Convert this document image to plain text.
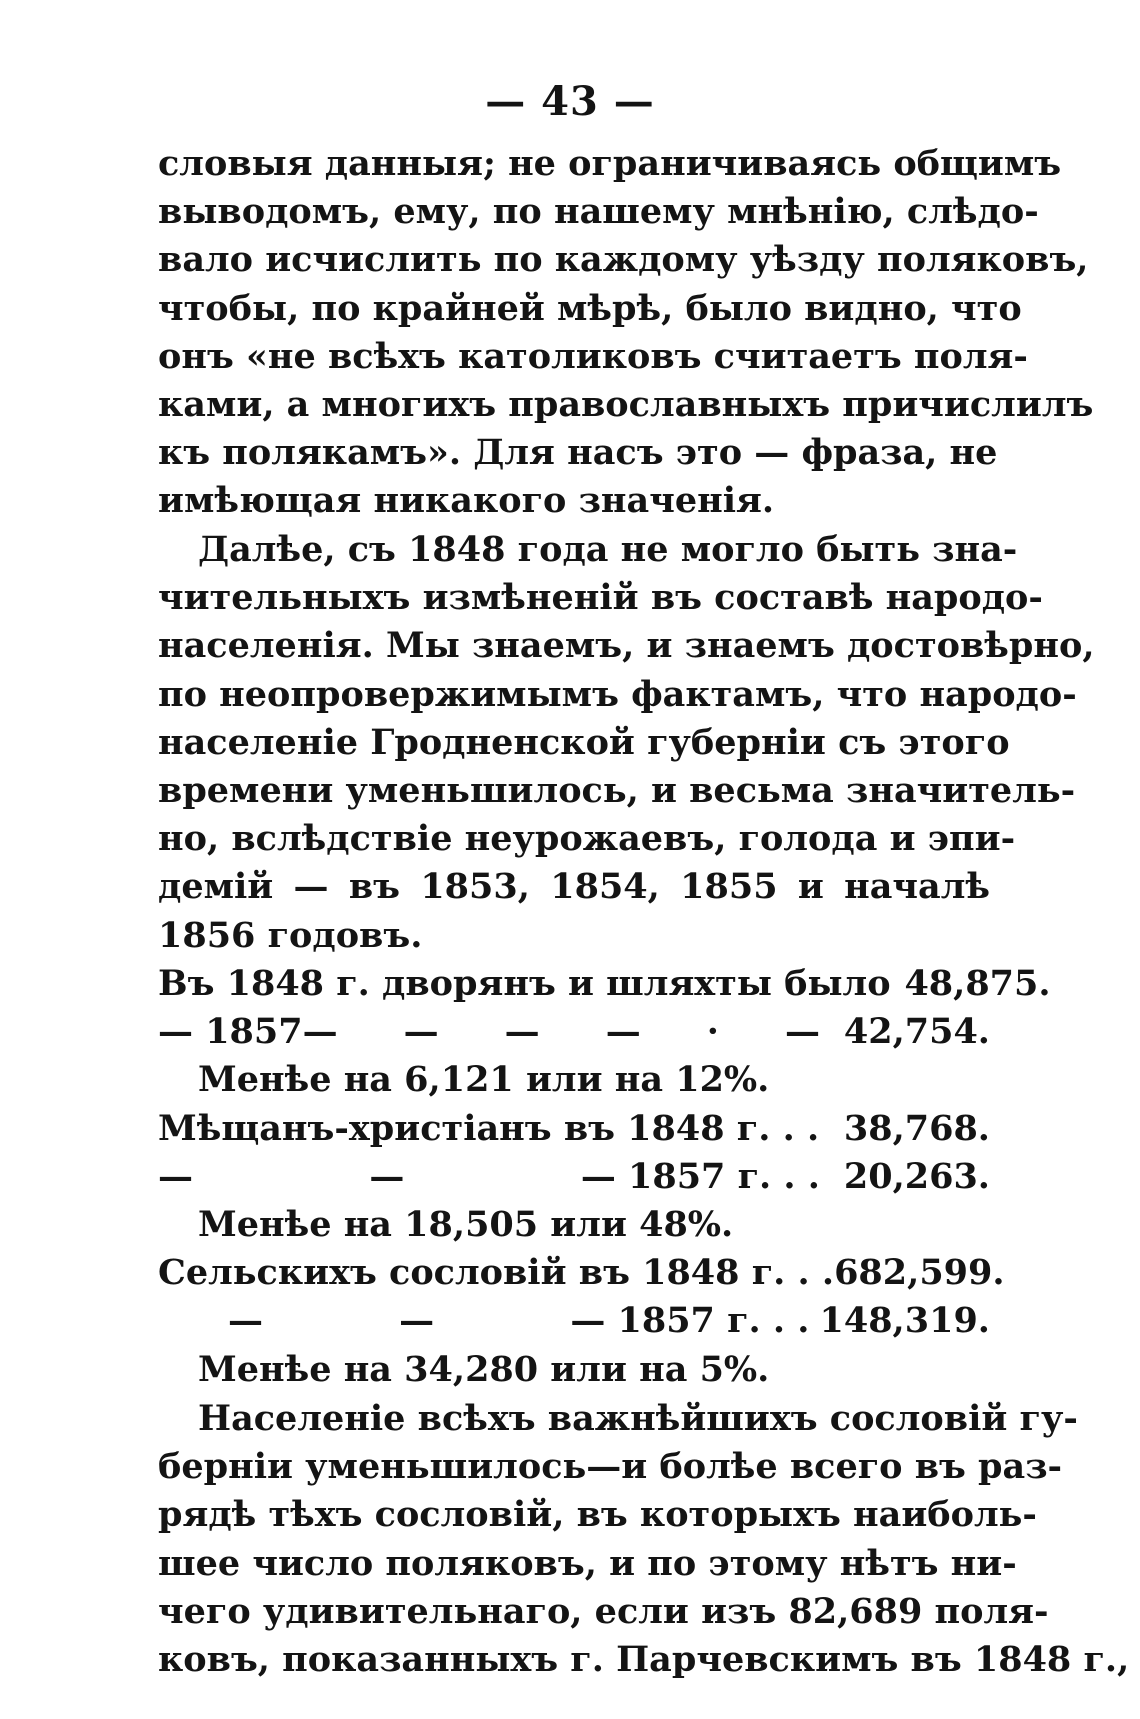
— 43 —
словыя данныя; не ограничиваясь общимъ
выводомъ, ему, по нашему мнѣнію, слѣдо-
вало исчислить по каждому уѣзду поляковъ,
чтобы, по крайней мѣрѣ, было видно, что
онъ «не всѣхъ католиковъ считаетъ поля-
ками, а многихъ православныхъ причислилъ
къ полякамъ». Для насъ это — фраза, не
имѣющая никакого значенія.
Далѣе, съ 1848 года не могло быть зна-
чительныхъ измѣненій въ составѣ народо-
населенія. Мы знаемъ, и знаемъ достовѣрно,
по неопровержимымъ фактамъ, что народо-
населеніе Гродненской губерніи съ этого
времени уменьшилось, и весьма значитель-
но, вслѣдствіе неурожаевъ, голода и эпи-
демій — въ 1853, 1854, 1855 и началѣ
1856 годовъ.
Въ 1848 г. дворянъ и шляхты было 48,875.
— 1857— — — — · — 42,754.
Менѣе на 6,121 или на 12%.
Мѣщанъ-христіанъ въ 1848 г. . . 38,768.
—	—	— 1857 г. . . 20,263.
Менѣе на 18,505 или 48%.
Сельскихъ сословій въ 1848 г. . . 682,599.
—	—	— 1857 г. . . 148,319.
Менѣе на 34,280 или на 5%.
Населеніе всѣхъ важнѣйшихъ сословій гу-
берніи уменьшилось—и болѣе всего въ раз-
рядѣ тѣхъ сословій, въ которыхъ наиболь-
шее число поляковъ, и по этому нѣтъ ни-
чего удивительнаго, если изъ 82,689 поля-
ковъ, показанныхъ г. Парчевскимъ въ 1848 г.,
